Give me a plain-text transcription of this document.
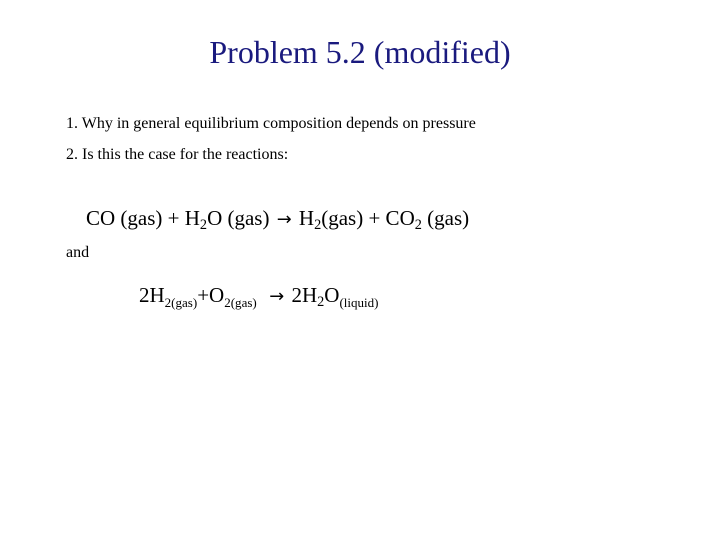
Problem 5.2 (modified)
1. Why in general equilibrium composition depends on pressure
2. Is this the case for the reactions:
CO $(gas) + H_2O$ $(gas) \to H_2(gas) + CO_2$ (gas)
and
$2H_{2(gas)}+O_{2(gas)} \to 2H_2O_{(liquid)}$
